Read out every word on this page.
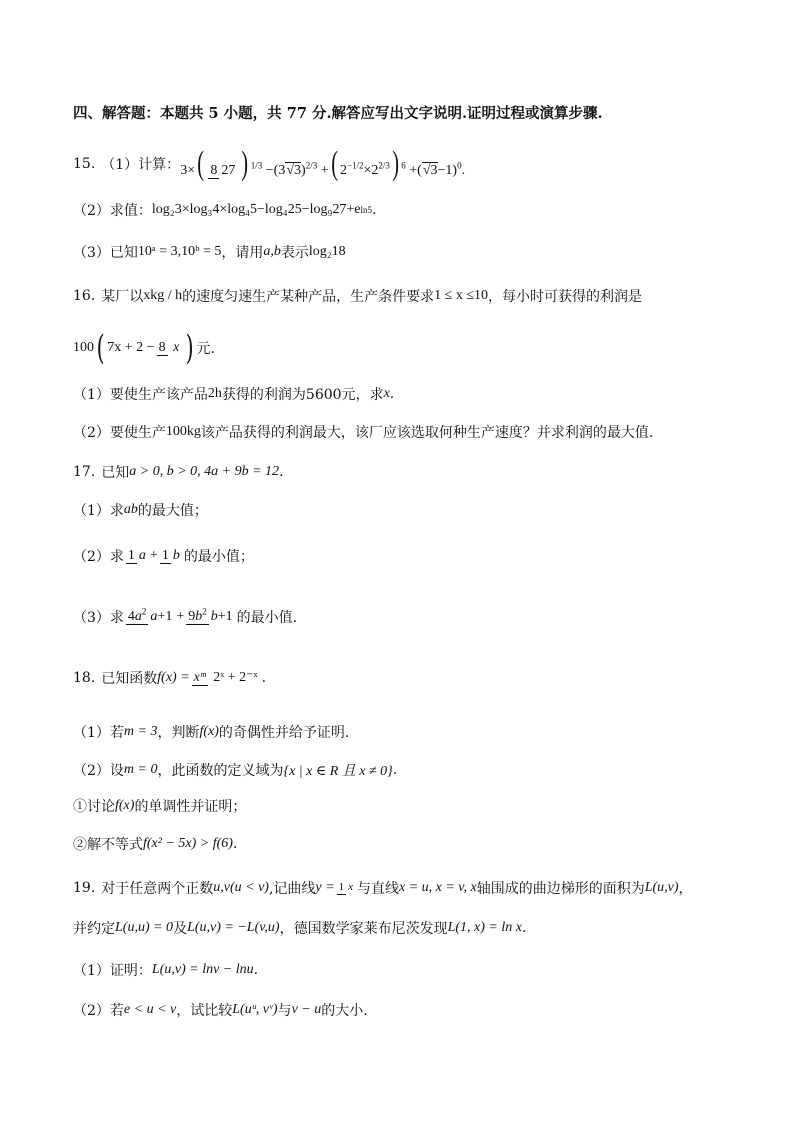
四、解答题：本题共 5 小题，共 77 分.解答应写出文字说明.证明过程或演算步骤.
15. （1）计算： 3×( 8 27 ) $^{1/3} -(3√3)^{2/3}$ +( $2^{-1/2}\times 2^{2/3}$) $^6 +(√3-1)^0$.
（2）求值： log₂3×log₃4×log₄5−log₄25−log₉27+e ln5 .
（3）已知 10ᵃ = 3,10ᵇ = 5 ，请用 a,b 表示 log₂18
16. 某厂以 xkg / h 的速度匀速生产某种产品，生产条件要求 1 ≤ x ≤10 ，每小时可获得的利润是
100 ( 7x + 2 − 8 x ) 元.
（1）要使生产该产品 2h 获得的利润为 5600元 ，求 x .
（2）要使生产 100kg 该产品获得的利润最大，该厂应该选取何种生产速度？并求利润的最大值.
17. 已知 a > 0, b > 0, 4a + 9b = 12 .
（1）求 ab 的最大值；
（2）求 1 a + 1 b 的最小值；
（3）求 $4a^2$ $a+1 + 9b^2$ b+1 的最小值.
18. 已知函数 f(x) = xᵐ 2ˣ + 2⁻ˣ .
（1）若 m = 3 ，判断 f(x) 的奇偶性并给予证明.
（2）设 m = 0 ，此函数的定义域为 {x | x ∈ R 且 x ≠ 0} .
①讨论 f(x) 的单调性并证明；
②解不等式 f(x² − 5x) > f(6) .
19. 对于任意两个正数 u,v(u < v) ,记曲线 y = 1 x 与直线 x = u, x = v, x 轴围成的曲边梯形的面积为 L(u,v) ，
并约定 L(u,u) = 0 及 L(u,v) = −L(v,u) ，德国数学家莱布尼茨发现 L(1, x) = ln x .
（1）证明： L(u,v) = lnv − lnu .
（2）若 e < u < v ，试比较 L(uᵘ, vᵛ) 与 v − u 的大小.
